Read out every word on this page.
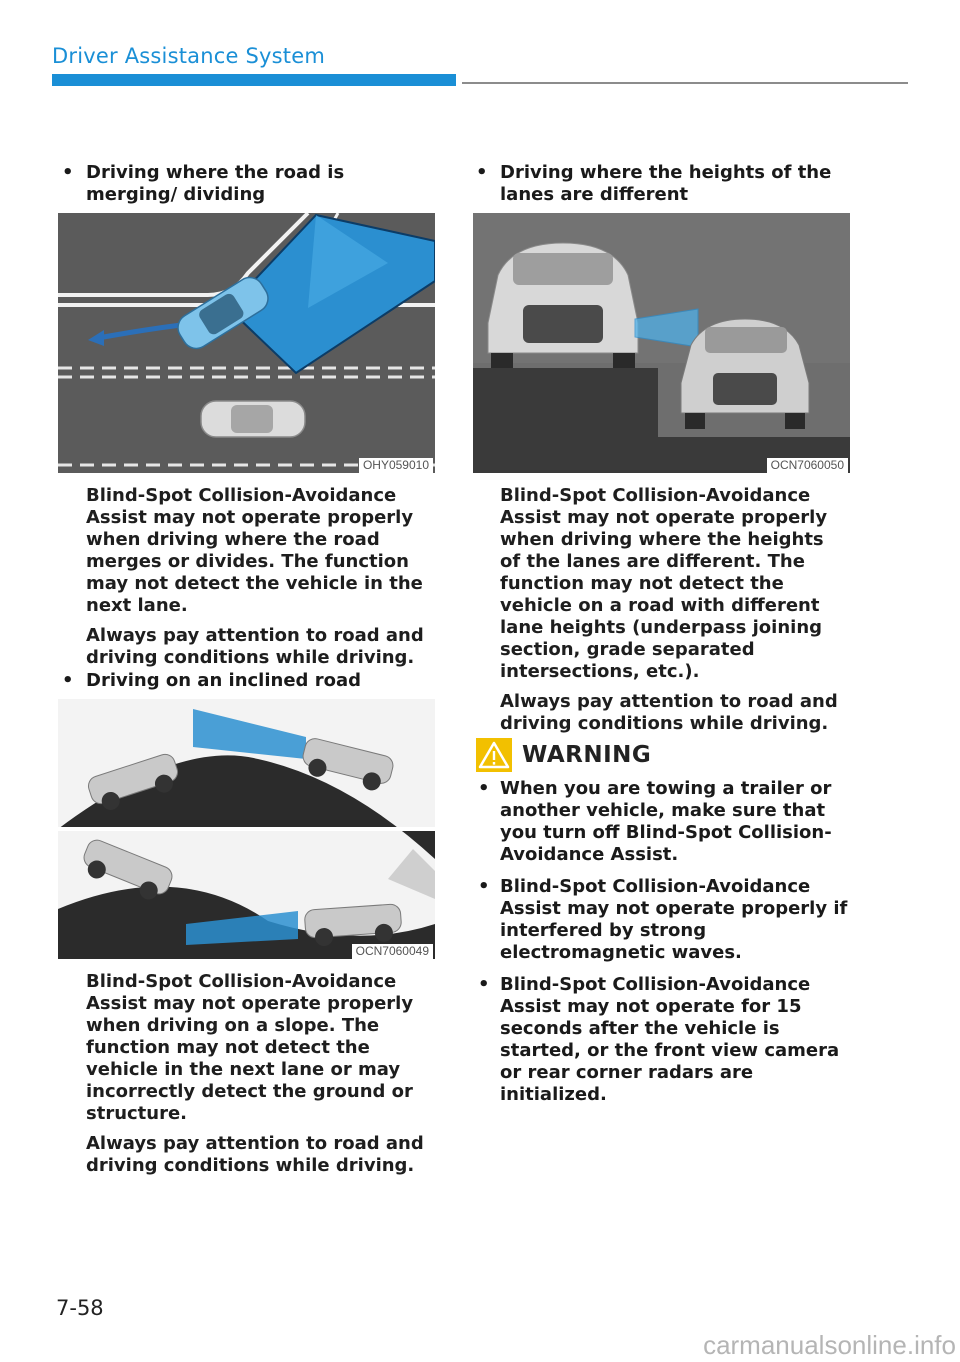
Driver Assistance System

• Driving where the road is merging/ dividing

OHY059010

Blind-Spot Collision-Avoidance Assist may not operate properly when driving where the road merges or divides. The function may not detect the vehicle in the next lane.

Always pay attention to road and driving conditions while driving.

• Driving on an inclined road

OCN7060049

Blind-Spot Collision-Avoidance Assist may not operate properly when driving on a slope. The function may not detect the vehicle in the next lane or may incorrectly detect the ground or structure.

Always pay attention to road and driving conditions while driving.

• Driving where the heights of the lanes are different

OCN7060050

Blind-Spot Collision-Avoidance Assist may not operate properly when driving where the heights of the lanes are different. The function may not detect the vehicle on a road with different lane heights (underpass joining section, grade separated intersections, etc.).

Always pay attention to road and driving conditions while driving.

WARNING

• When you are towing a trailer or another vehicle, make sure that you turn off Blind-Spot Collision-Avoidance Assist.

• Blind-Spot Collision-Avoidance Assist may not operate properly if interfered by strong electromagnetic waves.

• Blind-Spot Collision-Avoidance Assist may not operate for 15 seconds after the vehicle is started, or the front view camera or rear corner radars are initialized.

7-58
carmanualsonline.info
